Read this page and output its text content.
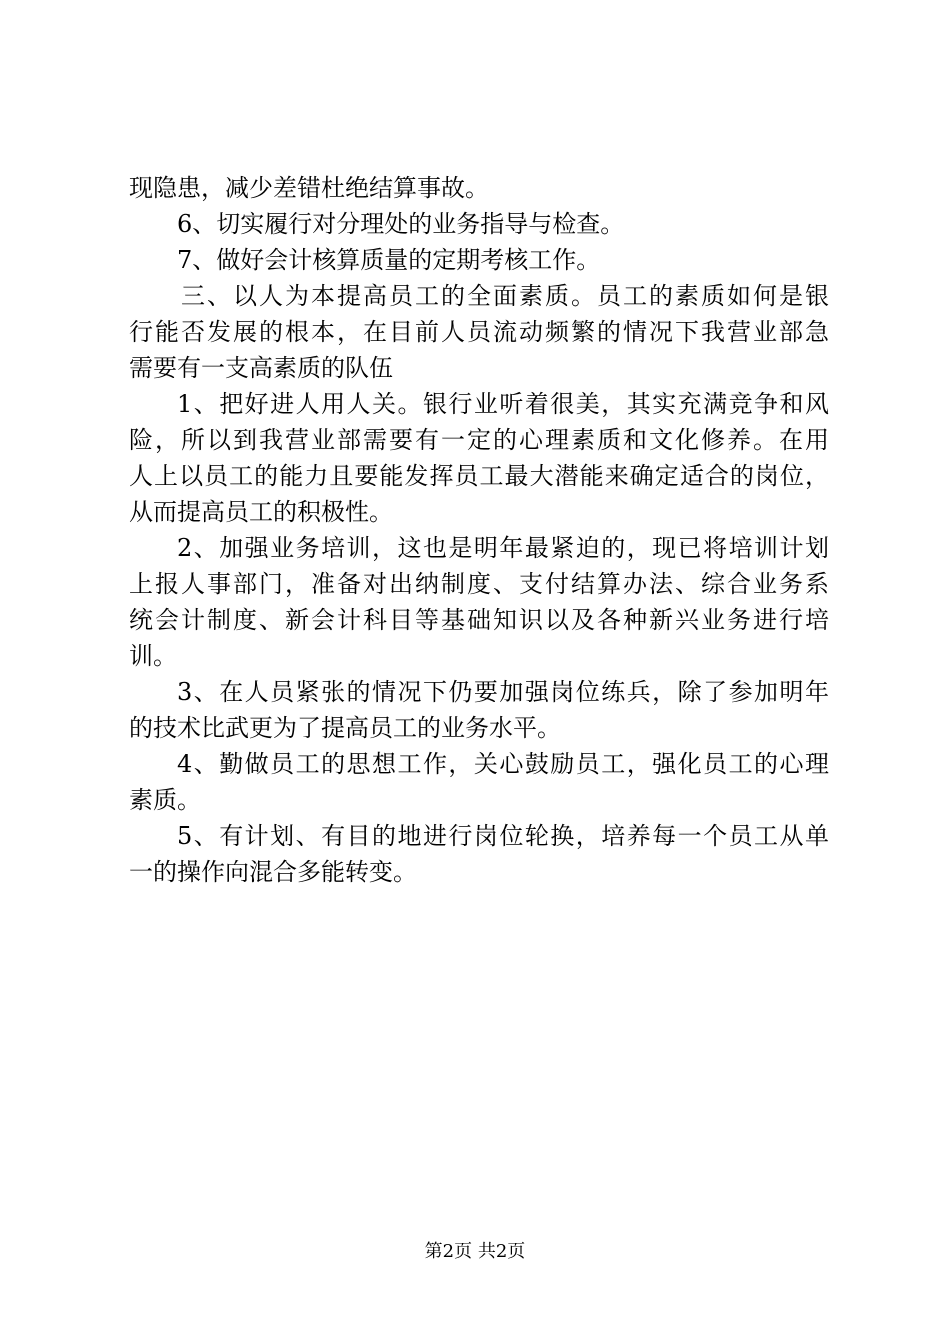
现隐患，减少差错杜绝结算事故。
6、切实履行对分理处的业务指导与检查。
7、做好会计核算质量的定期考核工作。
三、以人为本提高员工的全面素质。员工的素质如何是银
行能否发展的根本，在目前人员流动频繁的情况下我营业部急
需要有一支高素质的队伍
1、把好进人用人关。银行业听着很美，其实充满竞争和风
险，所以到我营业部需要有一定的心理素质和文化修养。在用
人上以员工的能力且要能发挥员工最大潜能来确定适合的岗位，
从而提高员工的积极性。
2、加强业务培训，这也是明年最紧迫的，现已将培训计划
上报人事部门，准备对出纳制度、支付结算办法、综合业务系
统会计制度、新会计科目等基础知识以及各种新兴业务进行培
训。
3、在人员紧张的情况下仍要加强岗位练兵，除了参加明年
的技术比武更为了提高员工的业务水平。
4、勤做员工的思想工作，关心鼓励员工，强化员工的心理
素质。
5、有计划、有目的地进行岗位轮换，培养每一个员工从单
一的操作向混合多能转变。
第2页 共2页
